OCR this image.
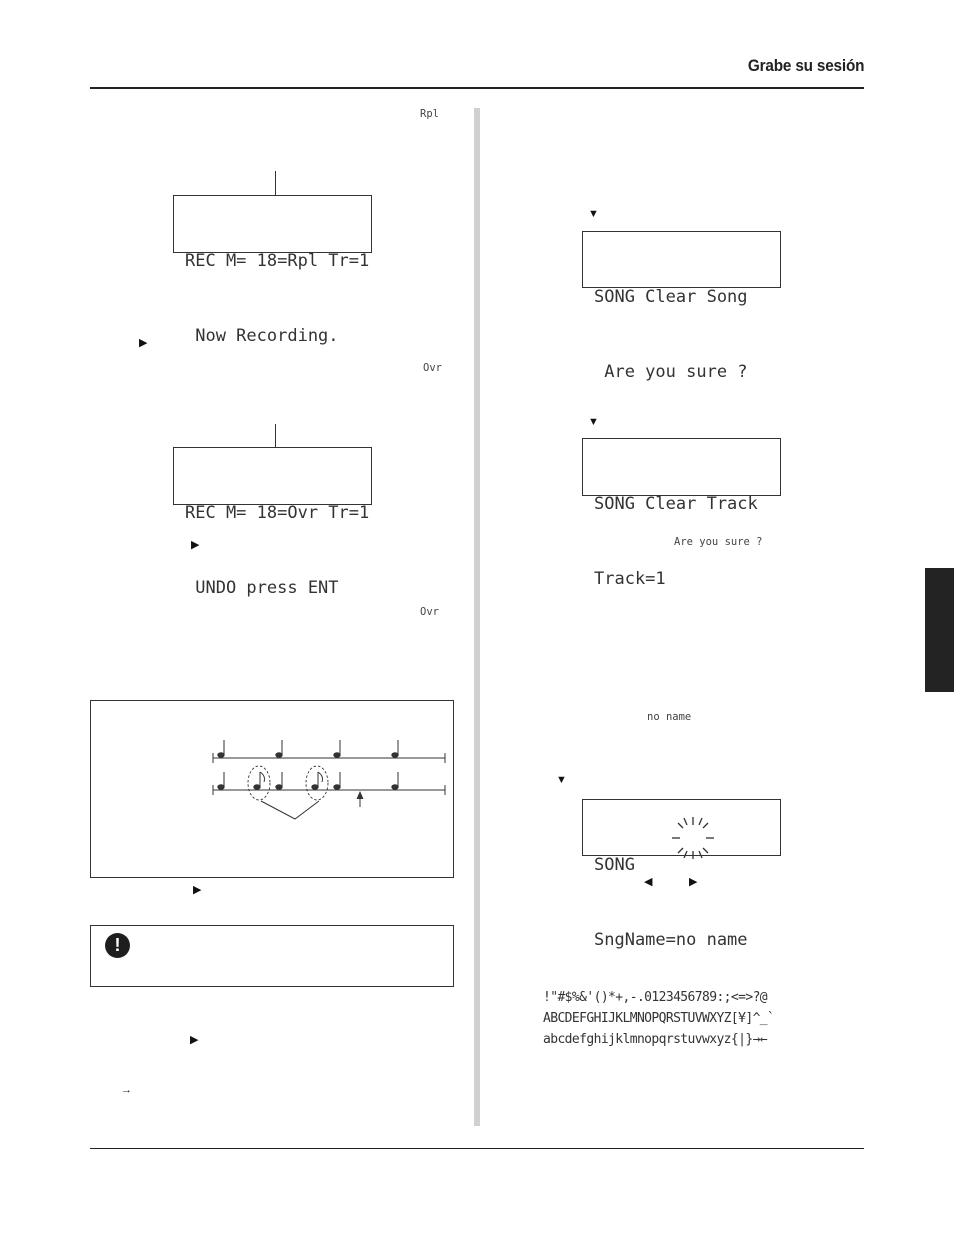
Grabe su sesión
Rpl

REC M= 18=Rpl Tr=1

Now Recording.

▶
Ovr

REC M= 18=Ovr Tr=1

UNDO press ENT

▶
Ovr
▶
!
▶
→
▼

SONG Clear Song

Are you sure ?

▼

SONG Clear Track

Track=1

Are you sure ?
no name
▼

SONG

SngName=no name

◀	▶
!"#$%&'()*+,-.0123456789:;<=>?@
ABCDEFGHIJKLMNOPQRSTUVWXYZ[¥]^_`
abcdefghijklmnopqrstuvwxyz{|}→←
